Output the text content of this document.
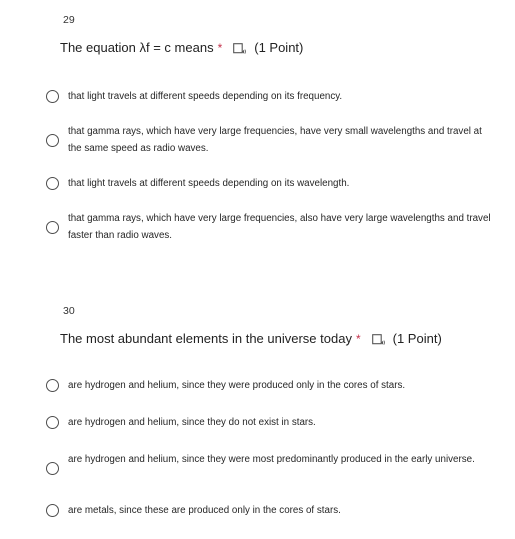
29
The equation λf = c means * (1 Point)
that light travels at different speeds depending on its frequency.
that gamma rays, which have very large frequencies, have very small wavelengths and travel at the same speed as radio waves.
that light travels at different speeds depending on its wavelength.
that gamma rays, which have very large frequencies, also have very large wavelengths and travel faster than radio waves.
30
The most abundant elements in the universe today * (1 Point)
are hydrogen and helium, since they were produced only in the cores of stars.
are hydrogen and helium, since they do not exist in stars.
are hydrogen and helium, since they were most predominantly produced in the early universe.
are metals, since these are produced only in the cores of stars.
